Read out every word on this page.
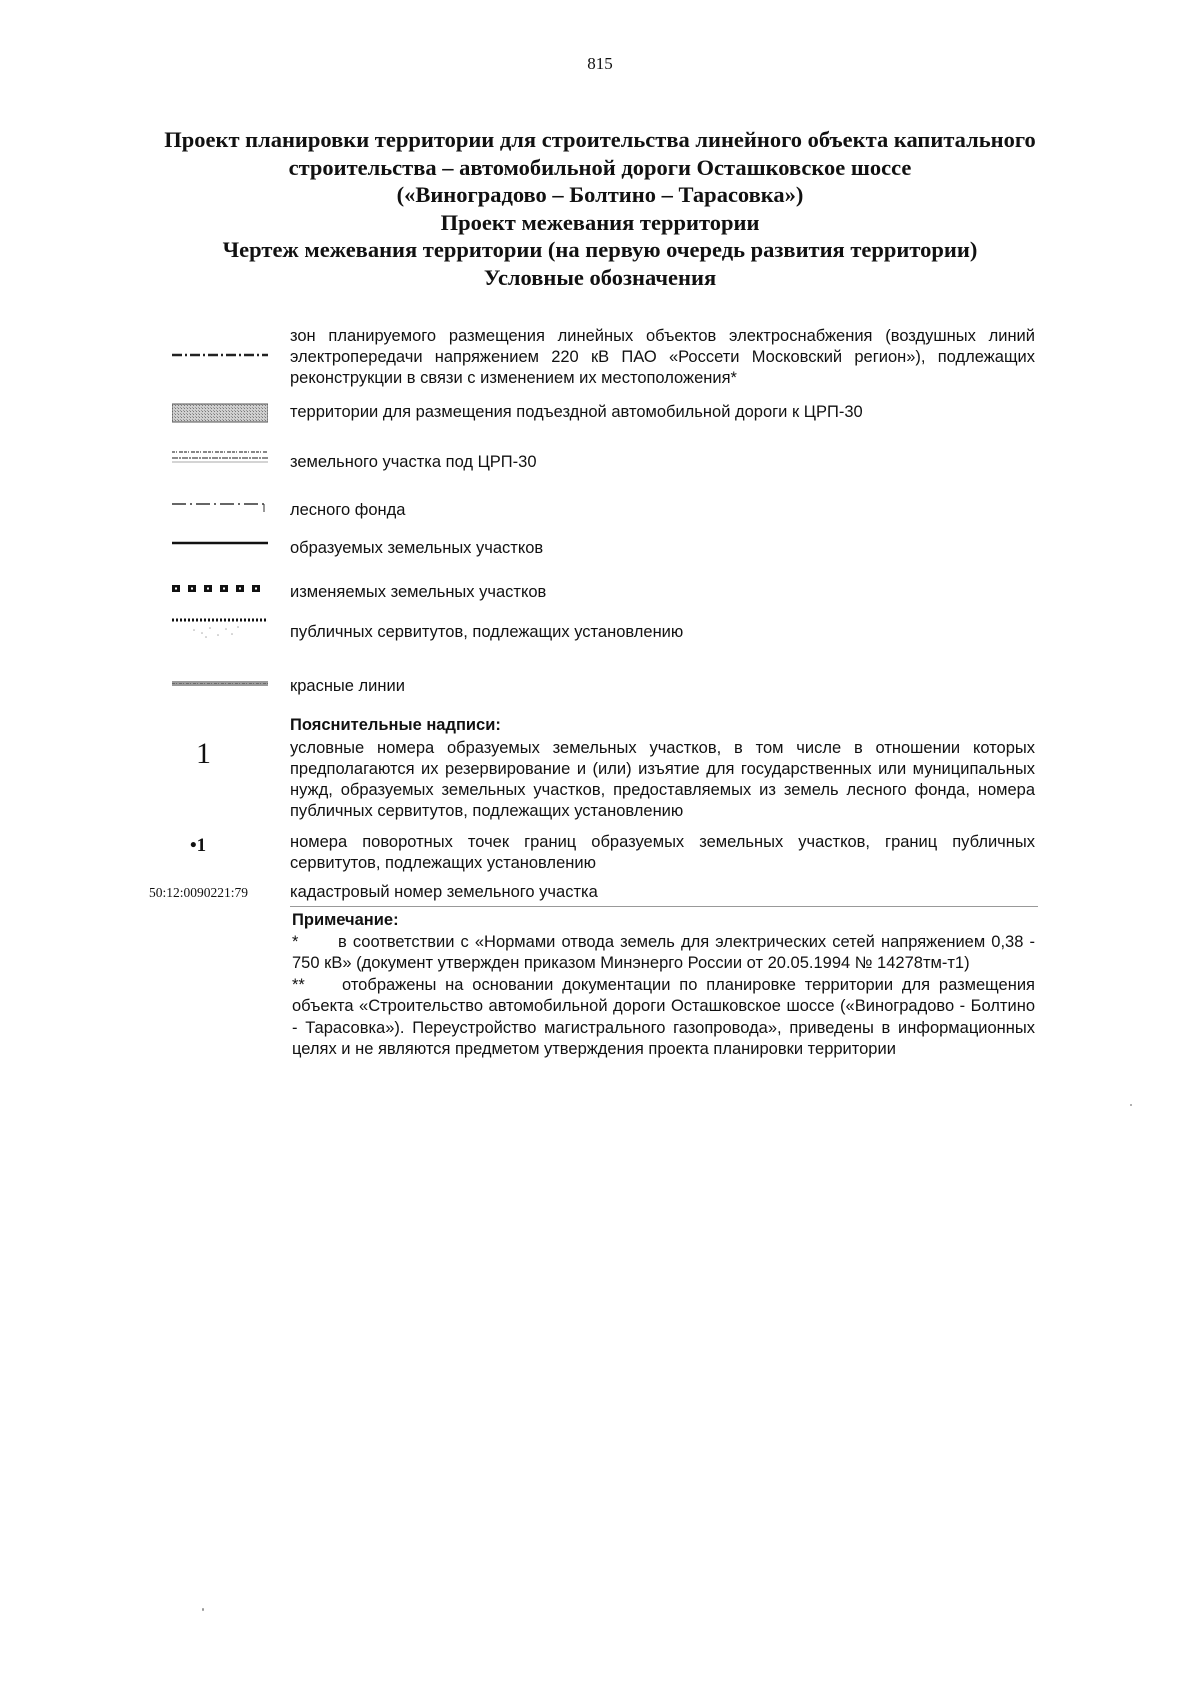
815
Проект планировки территории для строительства линейного объекта капитального
строительства – автомобильной дороги Осташковское шоссе
(«Виноградово – Болтино – Тарасовка»)
Проект межевания территории
Чертеж межевания территории (на первую очередь развития территории)
Условные обозначения
зон планируемого размещения линейных объектов электроснабжения (воздушных линий электропередачи напряжением 220 кВ ПАО «Россети Московский регион»), подлежащих реконструкции в связи с изменением их местоположения*
территории для размещения подъездной автомобильной дороги к ЦРП-30
земельного участка под ЦРП-30
лесного фонда
образуемых земельных участков
изменяемых земельных участков
публичных сервитутов, подлежащих установлению
красные линии
Пояснительные надписи:
1	условные номера образуемых земельных участков, в том числе в отношении которых предполагаются их резервирование и (или) изъятие для государственных или муниципальных нужд, образуемых земельных участков, предоставляемых из земель лесного фонда, номера публичных сервитутов, подлежащих установлению
•1	номера поворотных точек границ образуемых земельных участков, границ публичных сервитутов, подлежащих установлению
50:12:0090221:79	кадастровый номер земельного участка
Примечание:
* в соответствии с «Нормами отвода земель для электрических сетей напряжением 0,38 - 750 кВ» (документ утвержден приказом Минэнерго России от 20.05.1994 № 14278тм-т1)
** отображены на основании документации по планировке территории для размещения объекта «Строительство автомобильной дороги Осташковское шоссе («Виноградово - Болтино - Тарасовка»). Переустройство магистрального газопровода», приведены в информационных целях и не являются предметом утверждения проекта планировки территории
